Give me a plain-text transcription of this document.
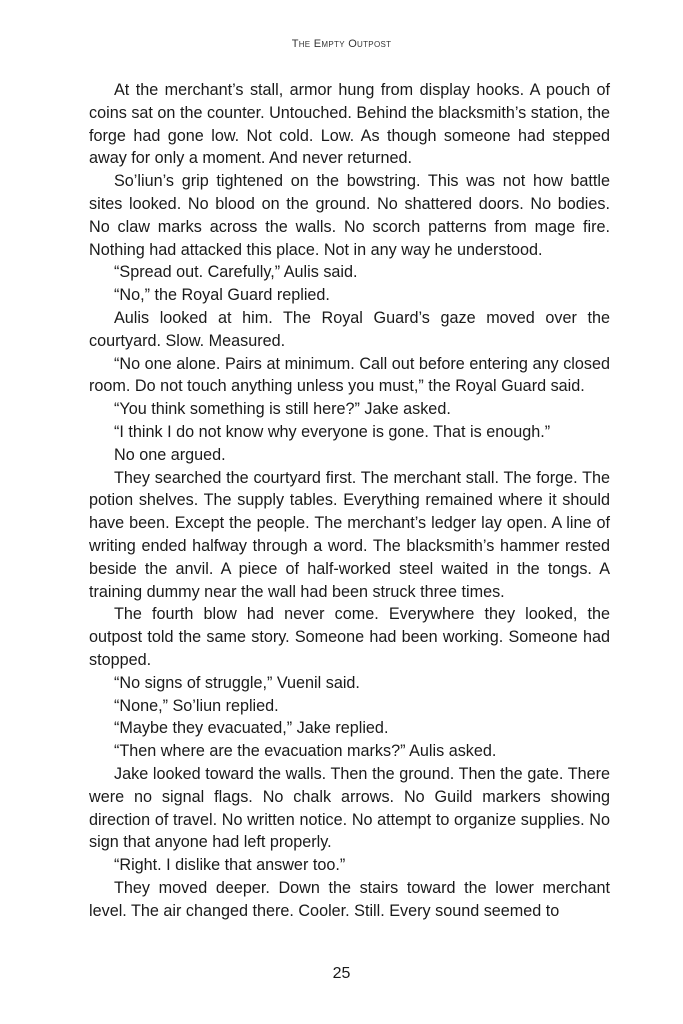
The Empty Outpost

At the merchant’s stall, armor hung from display hooks. A pouch of coins sat on the counter. Untouched. Behind the blacksmith’s station, the forge had gone low. Not cold. Low. As though someone had stepped away for only a moment. And never returned.

So’liun’s grip tightened on the bowstring. This was not how battle sites looked. No blood on the ground. No shattered doors. No bodies. No claw marks across the walls. No scorch patterns from mage fire. Nothing had attacked this place. Not in any way he understood.

“Spread out. Carefully,” Aulis said.

“No,” the Royal Guard replied.

Aulis looked at him. The Royal Guard’s gaze moved over the courtyard. Slow. Measured.

“No one alone. Pairs at minimum. Call out before entering any closed room. Do not touch anything unless you must,” the Royal Guard said.

“You think something is still here?” Jake asked.

“I think I do not know why everyone is gone. That is enough.”

No one argued.

They searched the courtyard first. The merchant stall. The forge. The potion shelves. The supply tables. Everything remained where it should have been. Except the people. The merchant’s ledger lay open. A line of writing ended halfway through a word. The blacksmith’s hammer rested beside the anvil. A piece of half-worked steel waited in the tongs. A training dummy near the wall had been struck three times.

The fourth blow had never come. Everywhere they looked, the outpost told the same story. Someone had been working. Someone had stopped.

“No signs of struggle,” Vuenil said.

“None,” So’liun replied.

“Maybe they evacuated,” Jake replied.

“Then where are the evacuation marks?” Aulis asked.

Jake looked toward the walls. Then the ground. Then the gate. There were no signal flags. No chalk arrows. No Guild markers showing direction of travel. No written notice. No attempt to organize supplies. No sign that anyone had left properly.

“Right. I dislike that answer too.”

They moved deeper. Down the stairs toward the lower merchant level. The air changed there. Cooler. Still. Every sound seemed to

25
